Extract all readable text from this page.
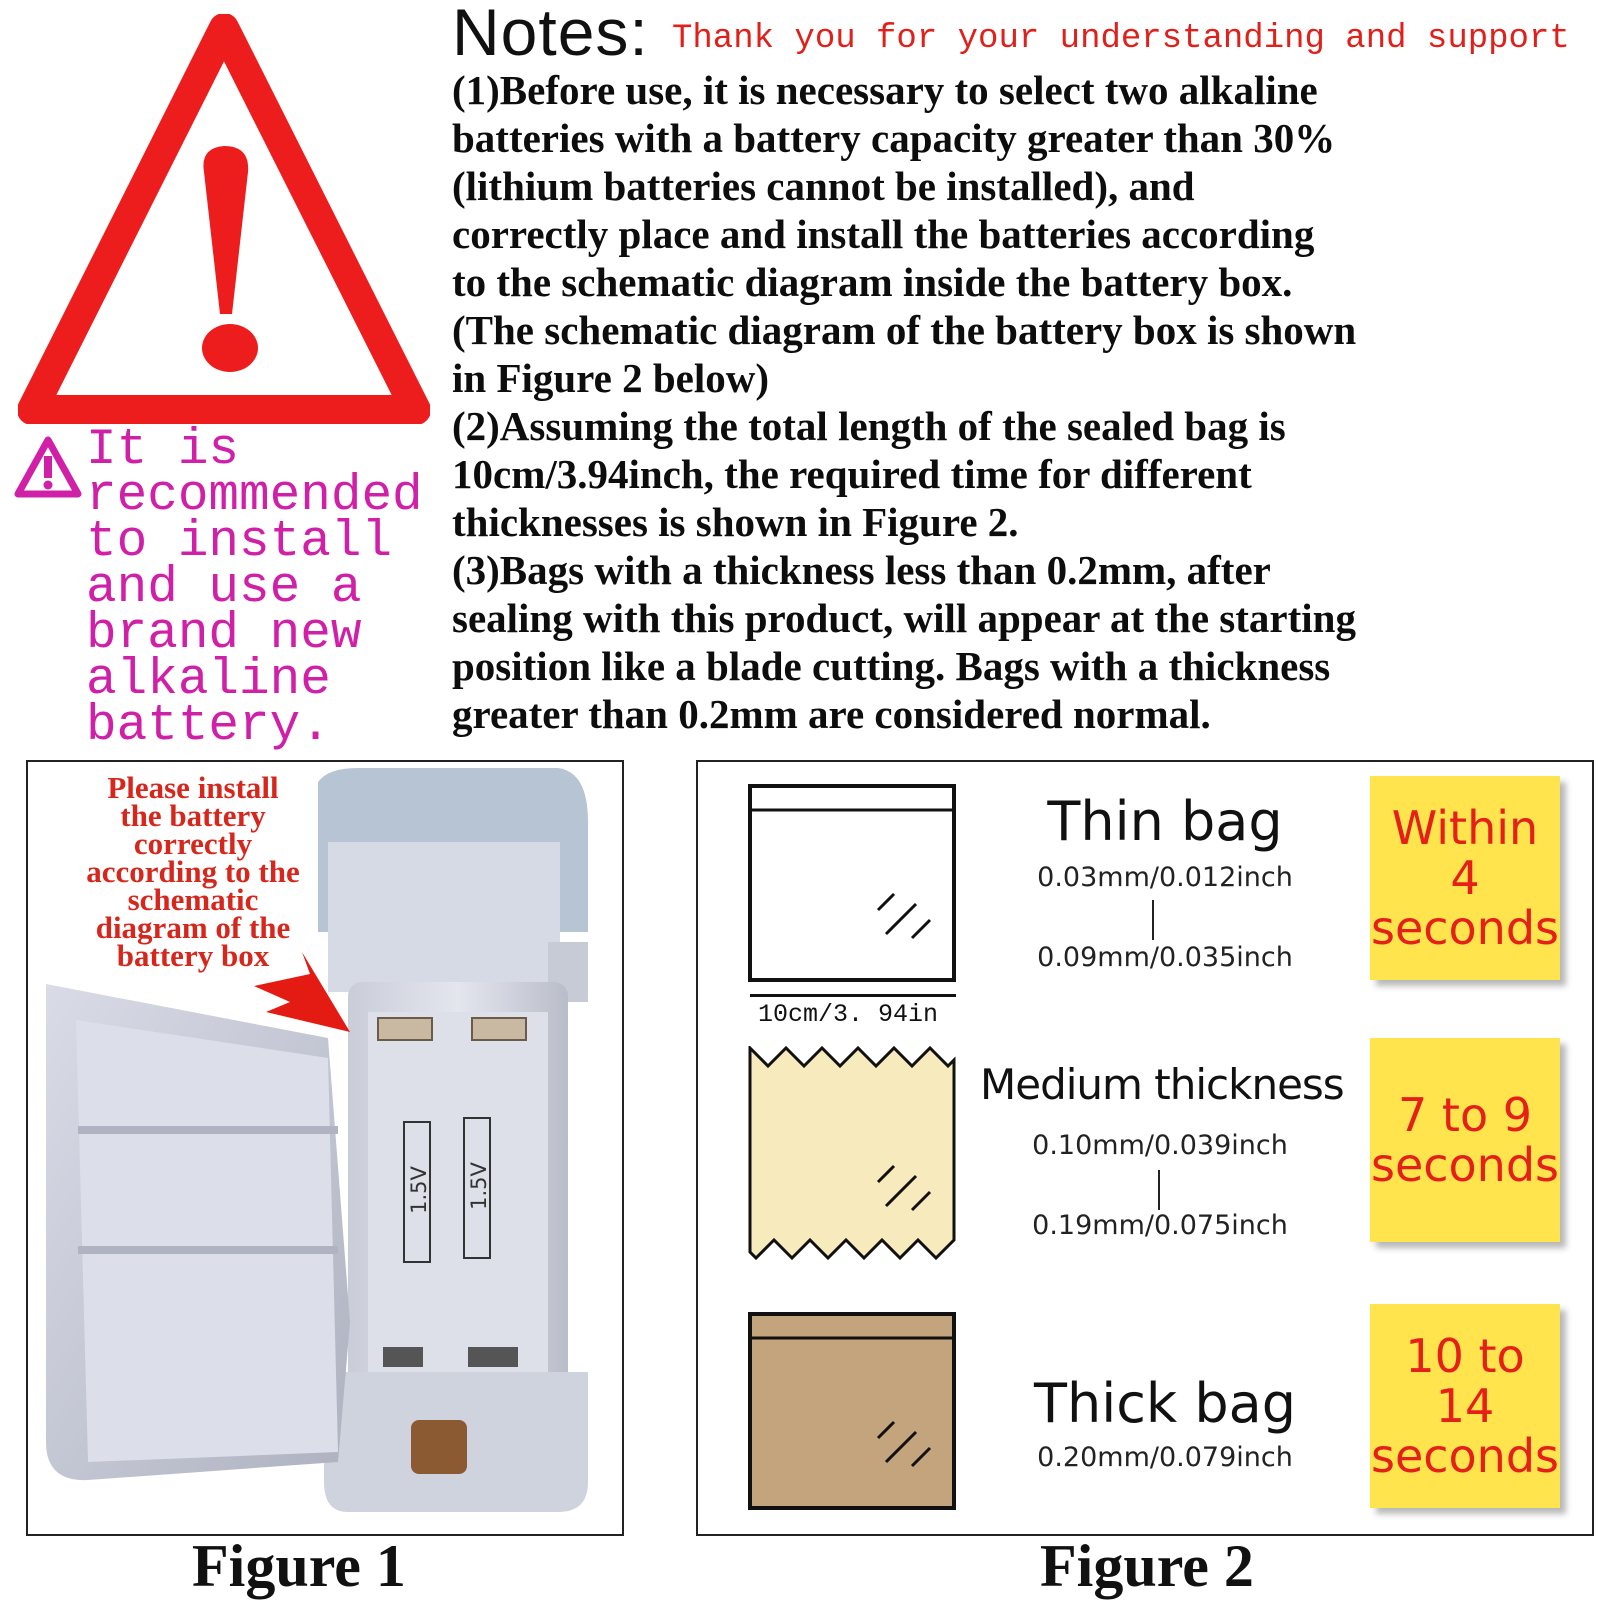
Notes: Thank you for your understanding and support
(1)Before use, it is necessary to select two alkaline
batteries with a battery capacity greater than 30%
(lithium batteries cannot be installed), and
correctly place and install the batteries according
to the schematic diagram inside the battery box.
(The schematic diagram of the battery box is shown
in Figure 2 below)
(2)Assuming the total length of the sealed bag is
10cm/3.94inch, the required time for different
thicknesses is shown in Figure 2.
(3)Bags with a thickness less than 0.2mm, after
sealing with this product, will appear at the starting
position like a blade cutting. Bags with a thickness
greater than 0.2mm are considered normal.
It is
recommended
to install
and use a
brand new
alkaline
battery.
Please install
the battery
correctly
according to the
schematic
diagram of the
battery box
1.5V 1.5V
Figure 1
10cm/3. 94in
Thin bag
0.03mm/0.012inch
0.09mm/0.035inch
Within 4 seconds
Medium thickness
0.10mm/0.039inch
0.19mm/0.075inch
7 to 9 seconds
Thick bag
0.20mm/0.079inch
10 to 14 seconds
Figure 2
